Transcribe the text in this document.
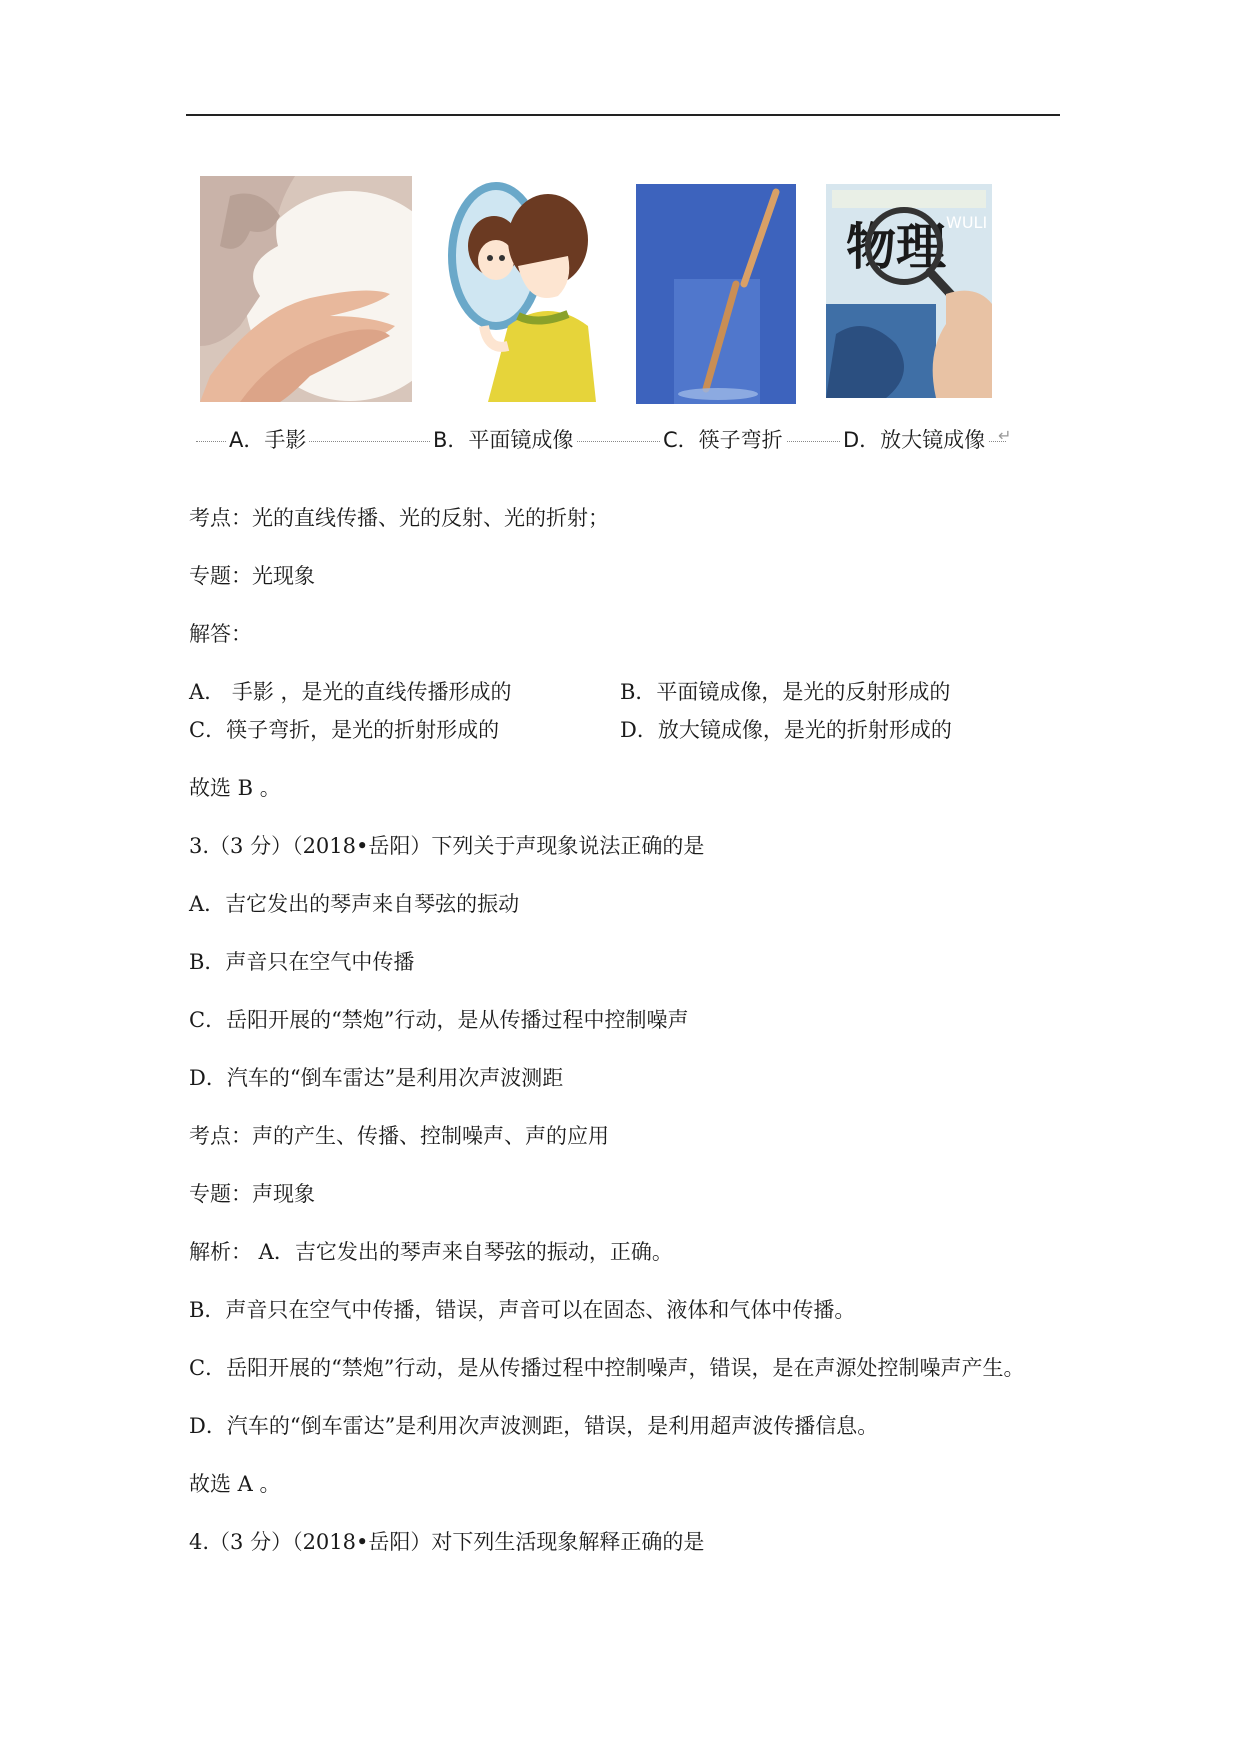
物理 WULI
A．手影	B．平面镜成像	C．筷子弯折	D．放大镜成像 ↵
考点：光的直线传播、光的反射、光的折射；
专题：光现象
解答：
A.　手影 ，是光的直线传播形成的	B．平面镜成像，是光的反射形成的
C．筷子弯折，是光的折射形成的	D．放大镜成像，是光的折射形成的
故选 B 。
3.（3 分）（2018•岳阳）下列关于声现象说法正确的是
A．吉它发出的琴声来自琴弦的振动
B．声音只在空气中传播
C．岳阳开展的“禁炮”行动，是从传播过程中控制噪声
D．汽车的“倒车雷达”是利用次声波测距
考点：声的产生、传播、控制噪声、声的应用
专题：声现象
解析： A．吉它发出的琴声来自琴弦的振动，正确。
B．声音只在空气中传播，错误，声音可以在固态、液体和气体中传播。
C．岳阳开展的“禁炮”行动，是从传播过程中控制噪声，错误，是在声源处控制噪声产生。
D．汽车的“倒车雷达”是利用次声波测距，错误，是利用超声波传播信息。
故选 A 。
4.（3 分）（2018•岳阳）对下列生活现象解释正确的是
